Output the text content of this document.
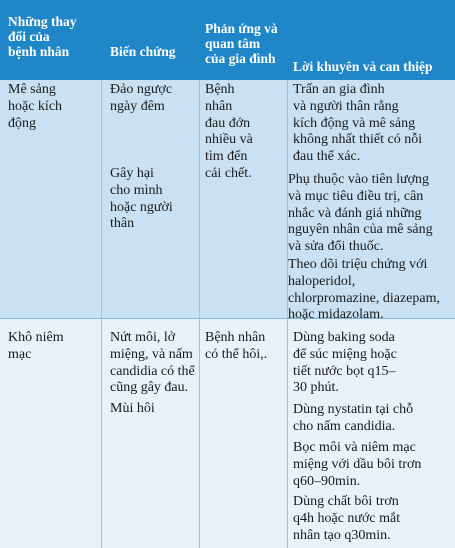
Những thay
đổi của
bệnh nhân	Biến chứng
Phản ứng và
quan tâm
của gia đình
Lời khuyên và can thiệp
Mê sảng
hoặc kích
động
Đảo ngược
ngày đêm
Gây hại
cho mình
hoặc người
thân
Bệnh
nhân
đau đớn
nhiều và
tìm đến
cái chết.
Trấn an gia đình
và người thân rằng
kích động và mê sảng
không nhất thiết có nỗi
đau thể xác.
Phụ thuộc vào tiên lượng
và mục tiêu điều trị, cân
nhắc và đánh giá những
nguyên nhân của mê sảng
và sửa đổi thuốc.
Theo dõi triệu chứng với
haloperidol,
chlorpromazine, diazepam,
hoặc midazolam.
Khô niêm
mạc
Nứt môi, lở
miệng, và nấm
candidia có thể
cũng gây đau.
Mùi hôi
Bệnh nhân
có thể hôi,.
Dùng baking soda
để súc miệng hoặc
tiết nước bọt q15–
30 phút.
Dùng nystatin tại chỗ
cho nấm candidia.
Bọc môi và niêm mạc
miệng với dầu bôi trơn
q60–90min.
Dùng chất bôi trơn
q4h hoặc nước mắt
nhân tạo q30min.
